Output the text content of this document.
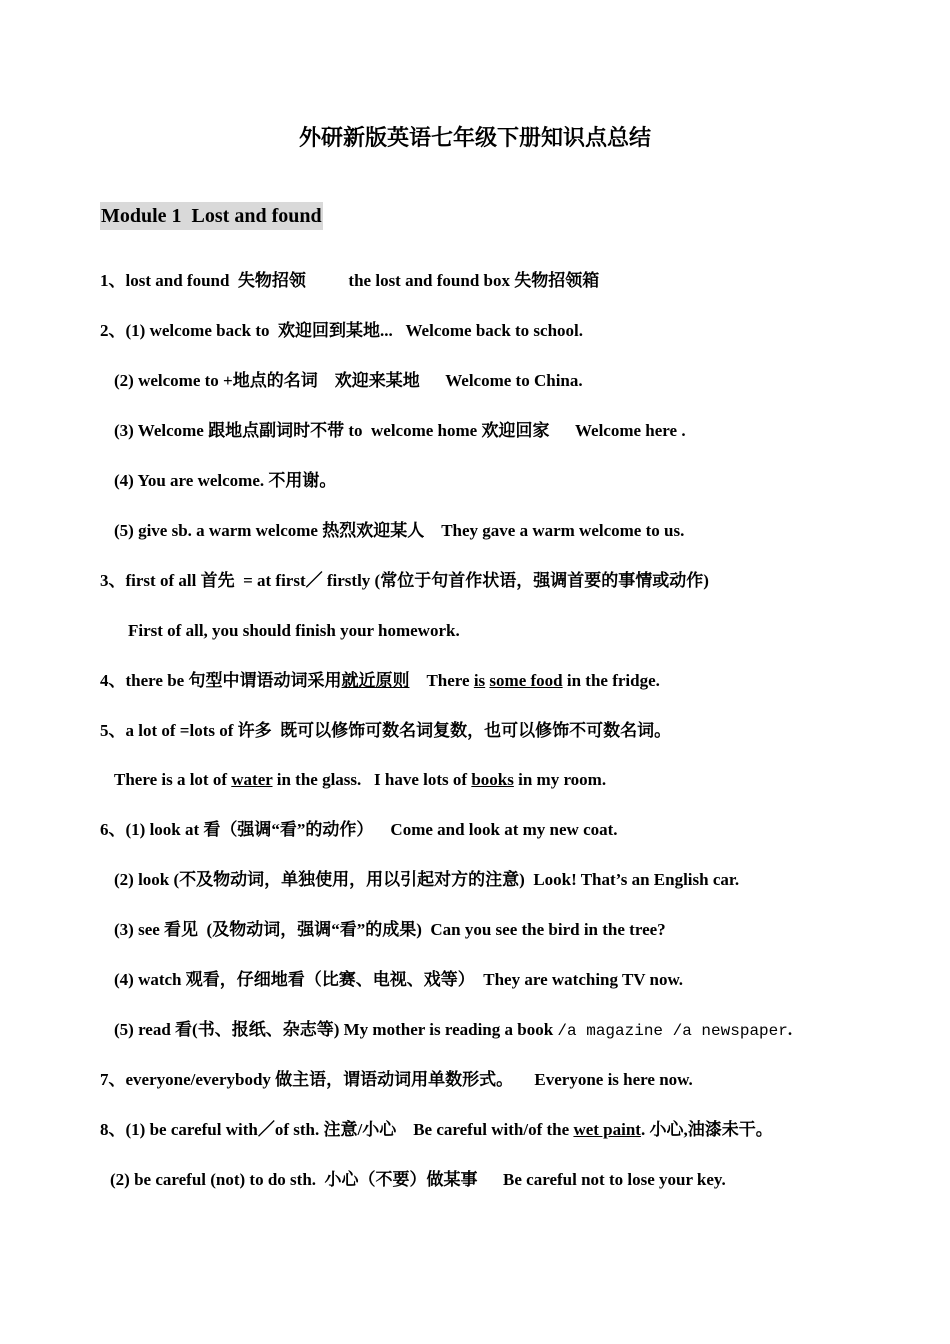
外研新版英语七年级下册知识点总结
Module 1  Lost and found
1、lost and found  失物招领          the lost and found box 失物招领箱
2、(1) welcome back to  欢迎回到某地...   Welcome back to school.
(2) welcome to +地点的名词    欢迎来某地      Welcome to China.
(3) Welcome 跟地点副词时不带 to  welcome home 欢迎回家      Welcome here .
(4) You are welcome. 不用谢。
(5) give sb. a warm welcome 热烈欢迎某人    They gave a warm welcome to us.
3、first of all 首先  = at first／ firstly (常位于句首作状语，强调首要的事情或动作)
First of all, you should finish your homework.
4、there be 句型中谓语动词采用就近原则    There is some food in the fridge.
5、a lot of =lots of 许多  既可以修饰可数名词复数，也可以修饰不可数名词。
There is a lot of water in the glass.   I have lots of books in my room.
6、(1) look at 看（强调“看”的动作）    Come and look at my new coat.
(2) look (不及物动词，单独使用，用以引起对方的注意)  Look! That’s an English car.
(3) see 看见  (及物动词，强调“看”的成果)  Can you see the bird in the tree?
(4) watch 观看，仔细地看（比赛、电视、戏等）  They are watching TV now.
(5) read 看(书、报纸、杂志等) My mother is reading a book /a magazine /a newspaper.
7、everyone/everybody 做主语，谓语动词用单数形式。     Everyone is here now.
8、(1) be careful with／of sth. 注意/小心    Be careful with/of the wet paint. 小心,油漆未干。
(2) be careful (not) to do sth.  小心（不要）做某事      Be careful not to lose your key.
